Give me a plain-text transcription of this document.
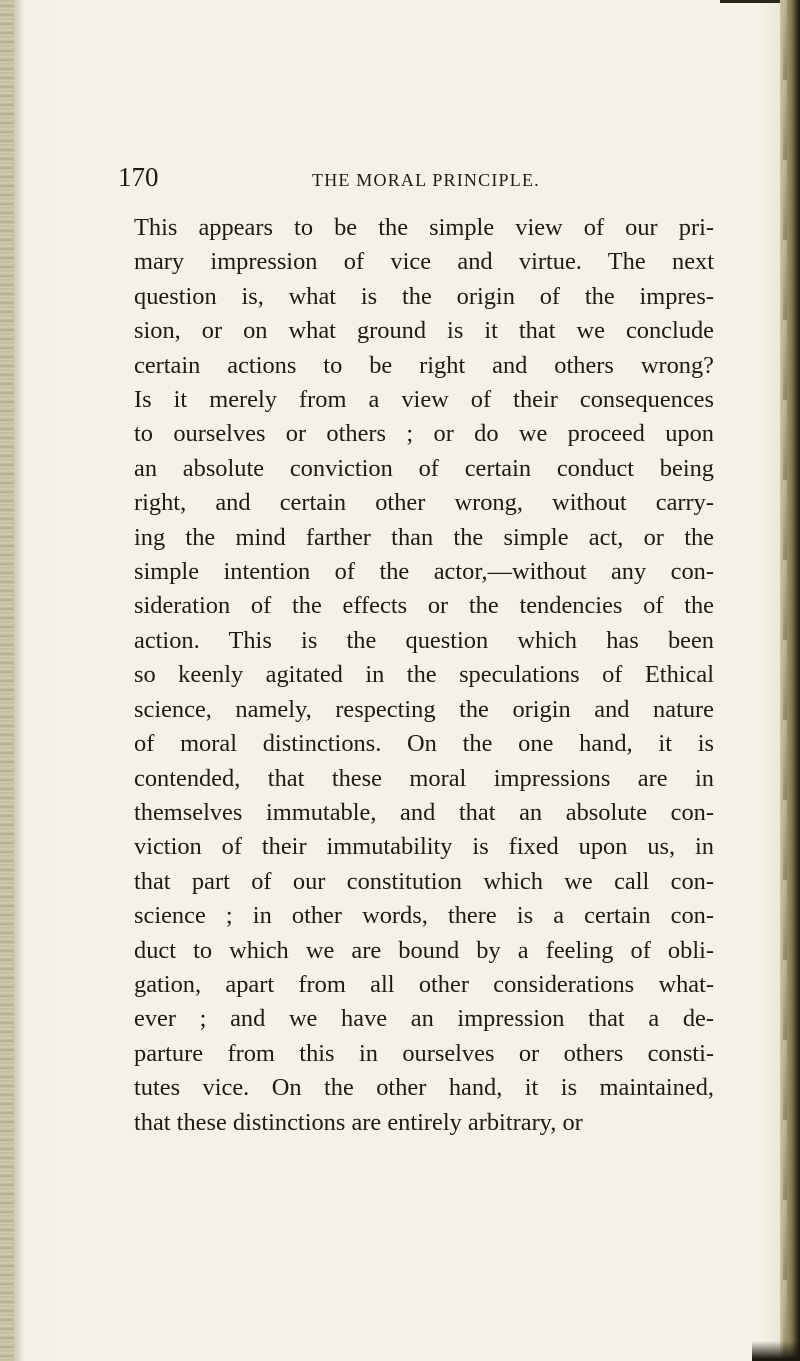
170	THE MORAL PRINCIPLE.
This appears to be the simple view of our pri-
mary impression of vice and virtue. The next
question is, what is the origin of the impres-
sion, or on what ground is it that we conclude
certain actions to be right and others wrong?
Is it merely from a view of their consequences
to ourselves or others ; or do we proceed upon
an absolute conviction of certain conduct being
right, and certain other wrong, without carry-
ing the mind farther than the simple act, or the
simple intention of the actor,—without any con-
sideration of the effects or the tendencies of the
action. This is the question which has been
so keenly agitated in the speculations of Ethical
science, namely, respecting the origin and nature
of moral distinctions. On the one hand, it is
contended, that these moral impressions are in
themselves immutable, and that an absolute con-
viction of their immutability is fixed upon us, in
that part of our constitution which we call con-
science ; in other words, there is a certain con-
duct to which we are bound by a feeling of obli-
gation, apart from all other considerations what-
ever ; and we have an impression that a de-
parture from this in ourselves or others consti-
tutes vice. On the other hand, it is maintained,
that these distinctions are entirely arbitrary, or
